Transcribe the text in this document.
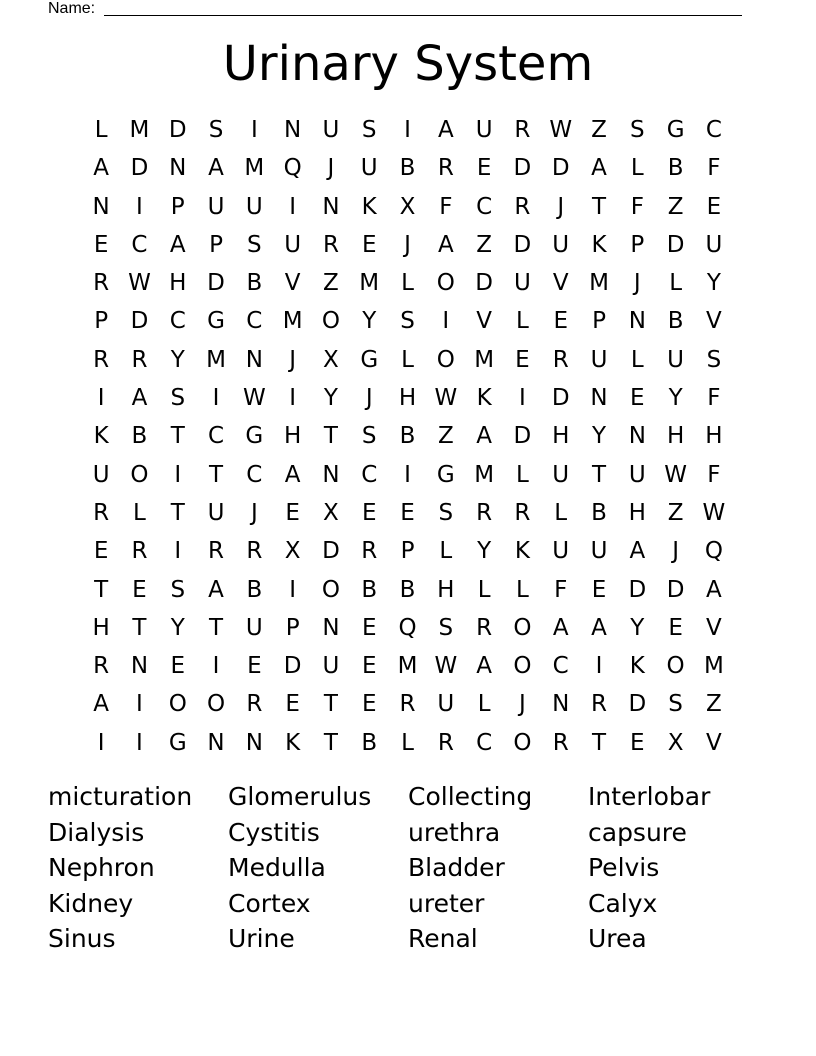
Name:
Urinary System
L M D S	I	N U S	I	A U R W Z	S G C
A D N A M Q	J	U B R	E D D A	L	B	F
N	I	P U U	I	N K X	F	C R	J	T	F	Z	E
E C A	P	S U R	E	J	A Z D U K	P D U
R W H D B V Z M L O D U V M	J	L	Y
P D C G C M O Y	S	I	V	L	E	P N B V
R R	Y M N	J	X G L O M E	R U	L	U S
I	A	S	I	W	I	Y	J	H W K	I	D N E	Y	F
K B	T	C G H T	S	B Z A D H Y N H H
U O	I	T	C A N C	I	G M L	U T U W F
R	L	T U	J	E	X	E	E	S	R R	L	B H Z W
E	R	I	R R X D R	P	L	Y	K U U A	J	Q
T	E	S	A B	I	O B B H	L	L	F	E D D A
H T	Y	T U P N E Q S	R O A A	Y	E	V
R N E	I	E D U E M W A O C	I	K O M
A	I	O O R	E	T	E	R U	L	J	N R D S	Z
I	I	G N N K	T	B	L	R C O R	T	E	X V
micturation	Glomerulus	Collecting	Interlobar
Dialysis	Cystitis	urethra	capsure
Nephron	Medulla	Bladder	Pelvis
Kidney	Cortex	ureter	Calyx
Sinus	Urine	Renal	Urea
